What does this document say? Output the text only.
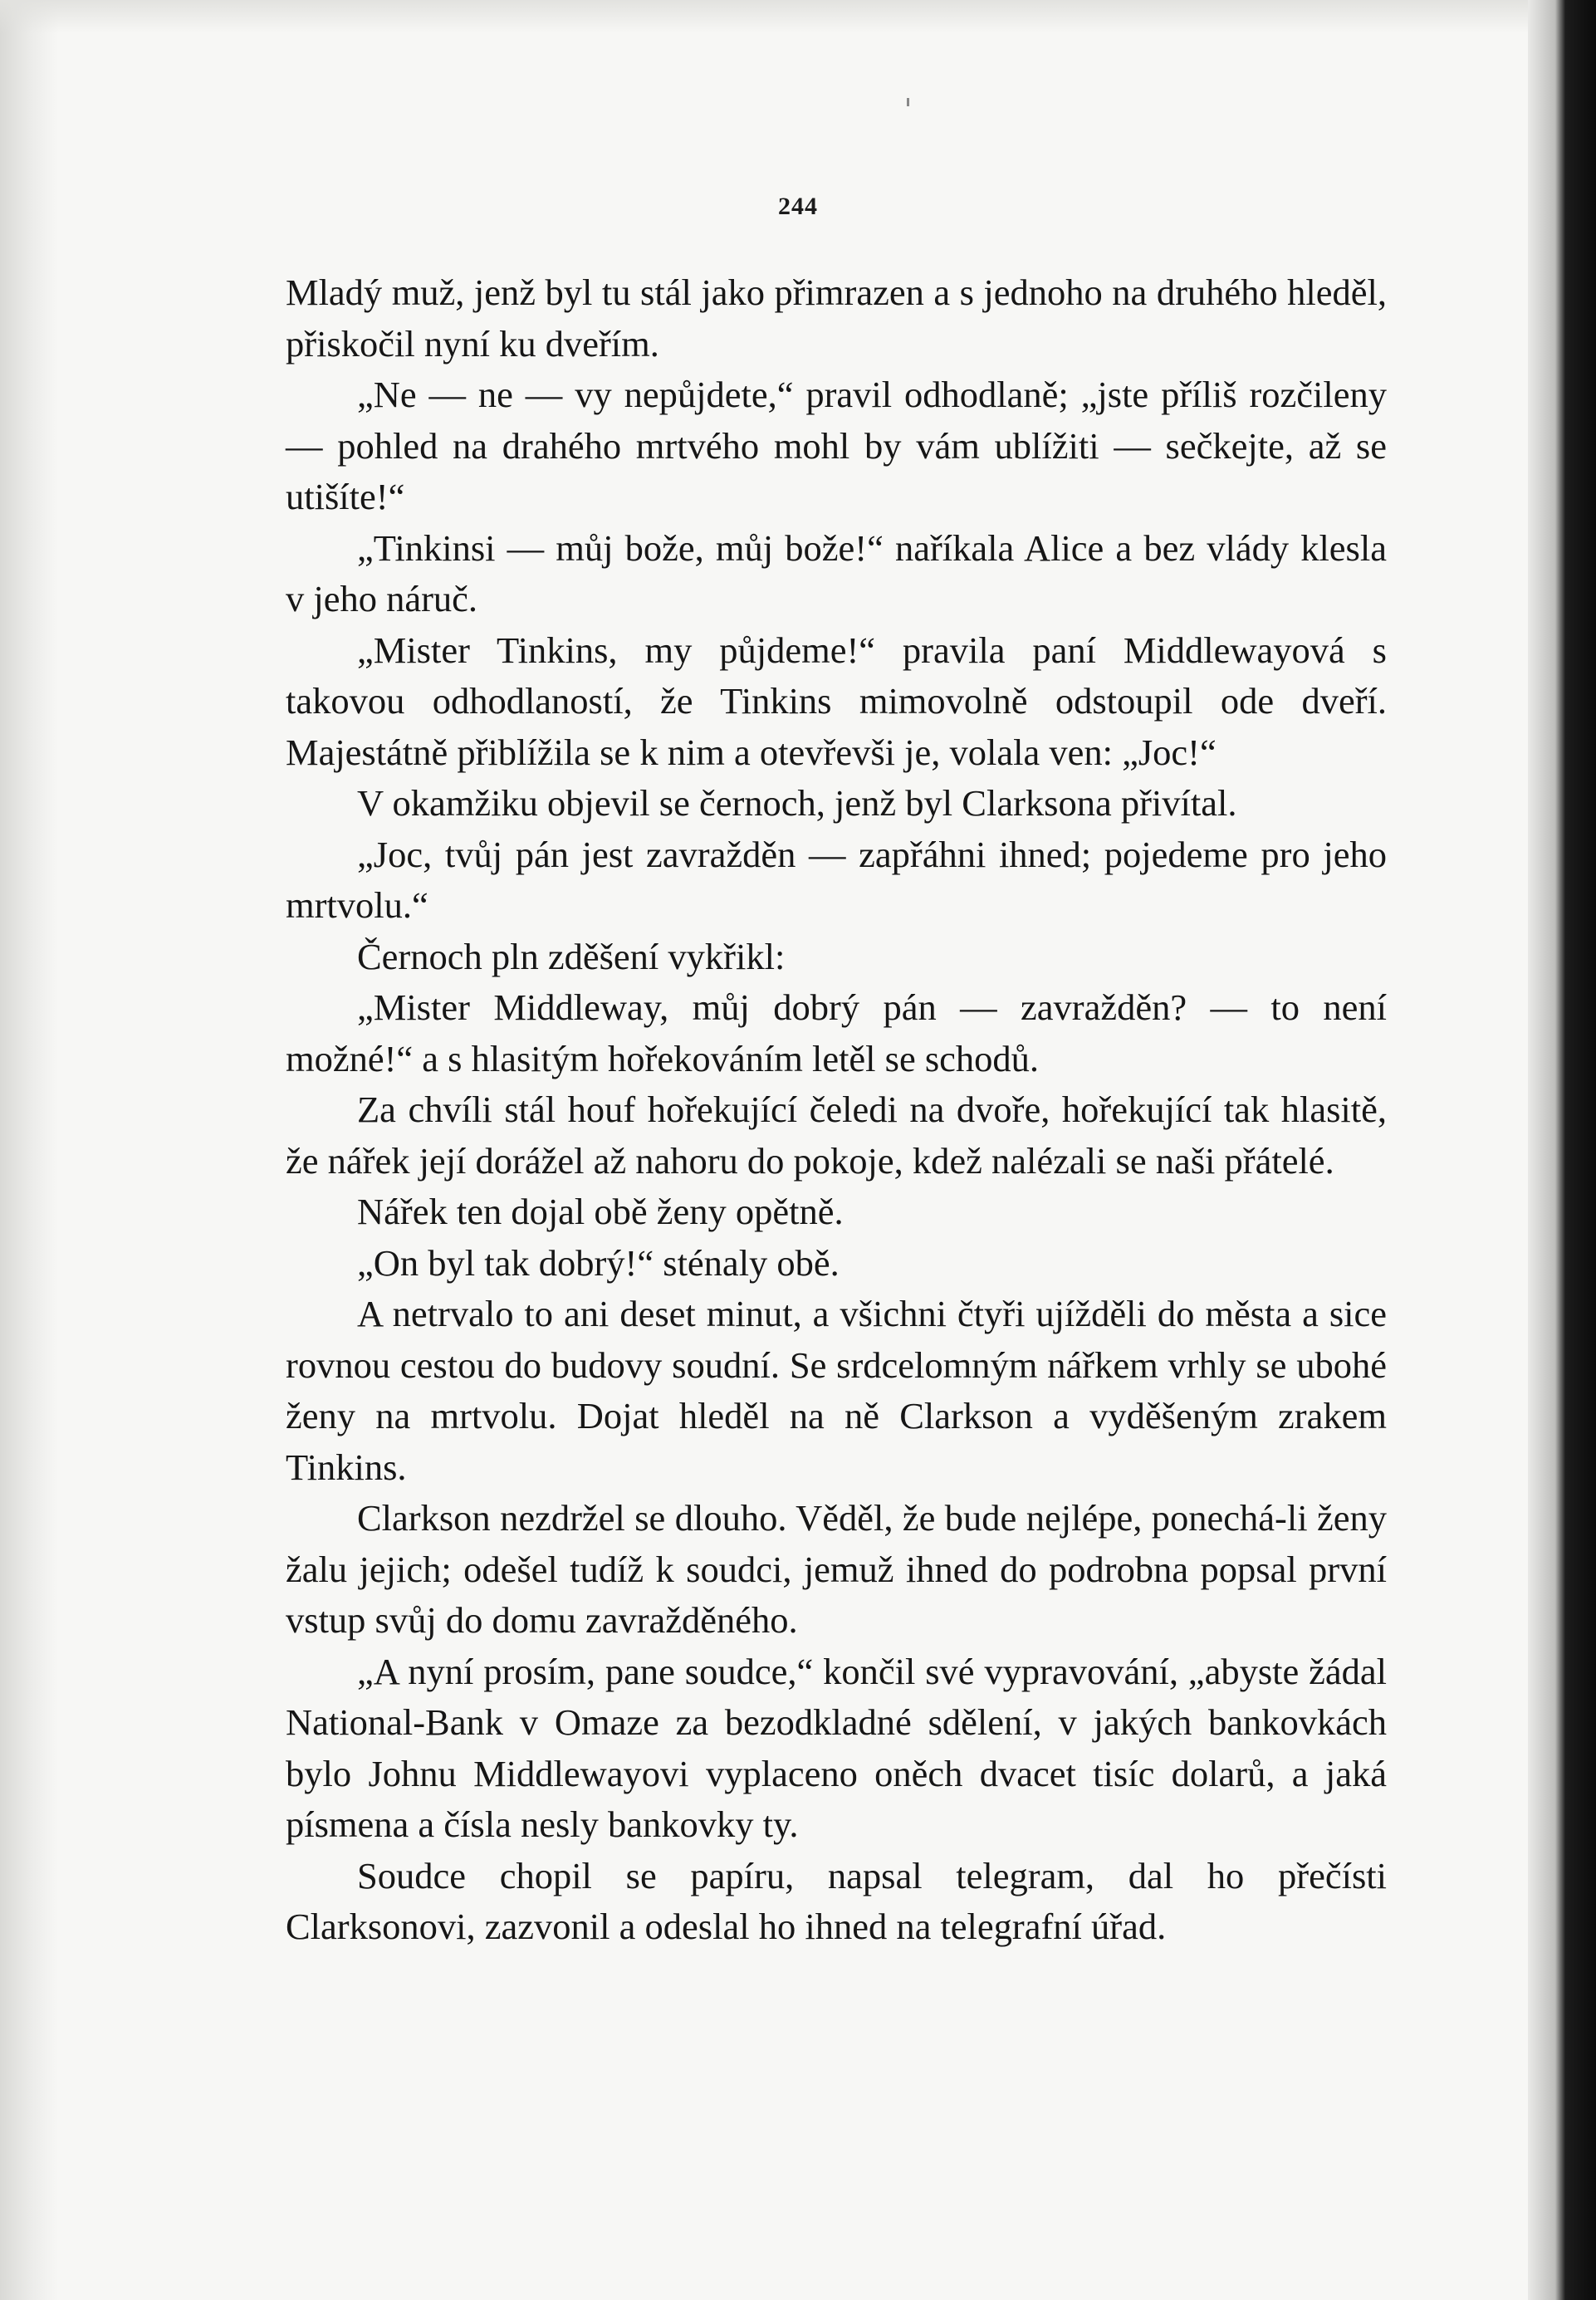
244

Mladý muž, jenž byl tu stál jako přimrazen a s jednoho na druhého hleděl, přiskočil nyní ku dveřím.

„Ne — ne — vy nepůjdete,“ pravil odhodlaně; „jste příliš rozčileny — pohled na drahého mrtvého mohl by vám ublížiti — sečkejte, až se utišíte!“

„Tinkinsi — můj bože, můj bože!“ naříkala Alice a bez vlády klesla v jeho náruč.

„Mister Tinkins, my půjdeme!“ pravila paní Middlewayová s takovou odhodlaností, že Tinkins mimovolně odstoupil ode dveří. Majestátně přiblížila se k nim a otevřevši je, volala ven: „Joc!“

V okamžiku objevil se černoch, jenž byl Clarksona přivítal.

„Joc, tvůj pán jest zavražděn — zapřáhni ihned; pojedeme pro jeho mrtvolu.“

Černoch pln zděšení vykřikl:

„Mister Middleway, můj dobrý pán — zavražděn? — to není možné!“ a s hlasitým hořekováním letěl se schodů.

Za chvíli stál houf hořekující čeledi na dvoře, hořekující tak hlasitě, že nářek její dorážel až nahoru do pokoje, kdež nalézali se naši přátelé.

Nářek ten dojal obě ženy opětně.

„On byl tak dobrý!“ sténaly obě.

A netrvalo to ani deset minut, a všichni čtyři ujížděli do města a sice rovnou cestou do budovy soudní. Se srdcelomným nářkem vrhly se ubohé ženy na mrtvolu. Dojat hleděl na ně Clarkson a vyděšeným zrakem Tinkins.

Clarkson nezdržel se dlouho. Věděl, že bude nejlépe, ponechá-li ženy žalu jejich; odešel tudíž k soudci, jemuž ihned do podrobna popsal první vstup svůj do domu zavražděného.

„A nyní prosím, pane soudce,“ končil své vypravování, „abyste žádal National-Bank v Omaze za bezodkladné sdělení, v jakých bankovkách bylo Johnu Middlewayovi vyplaceno oněch dvacet tisíc dolarů, a jaká písmena a čísla nesly bankovky ty.

Soudce chopil se papíru, napsal telegram, dal ho přečísti Clarksonovi, zazvonil a odeslal ho ihned na telegrafní úřad.
